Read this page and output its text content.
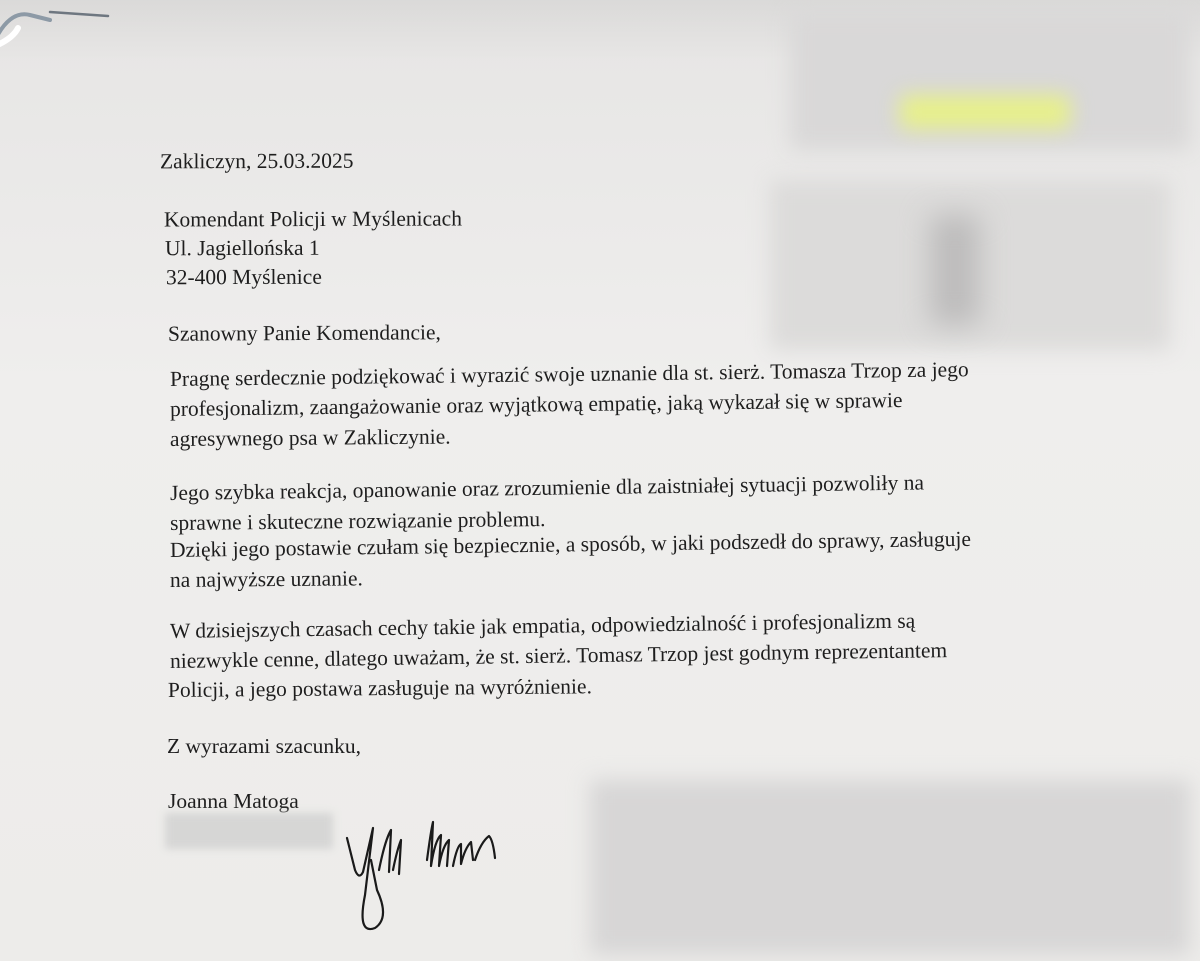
Zakliczyn, 25.03.2025
Komendant Policji w Myślenicach
Ul. Jagiellońska 1
32-400 Myślenice
Szanowny Panie Komendancie,
Pragnę serdecznie podziękować i wyrazić swoje uznanie dla st. sierż. Tomasza Trzop za jego
profesjonalizm, zaangażowanie oraz wyjątkową empatię, jaką wykazał się w sprawie
agresywnego psa w Zakliczynie.
Jego szybka reakcja, opanowanie oraz zrozumienie dla zaistniałej sytuacji pozwoliły na
sprawne i skuteczne rozwiązanie problemu.
Dzięki jego postawie czułam się bezpiecznie, a sposób, w jaki podszedł do sprawy, zasługuje
na najwyższe uznanie.
W dzisiejszych czasach cechy takie jak empatia, odpowiedzialność i profesjonalizm są
niezwykle cenne, dlatego uważam, że st. sierż. Tomasz Trzop jest godnym reprezentantem
Policji, a jego postawa zasługuje na wyróżnienie.
Z wyrazami szacunku,
Joanna Matoga
